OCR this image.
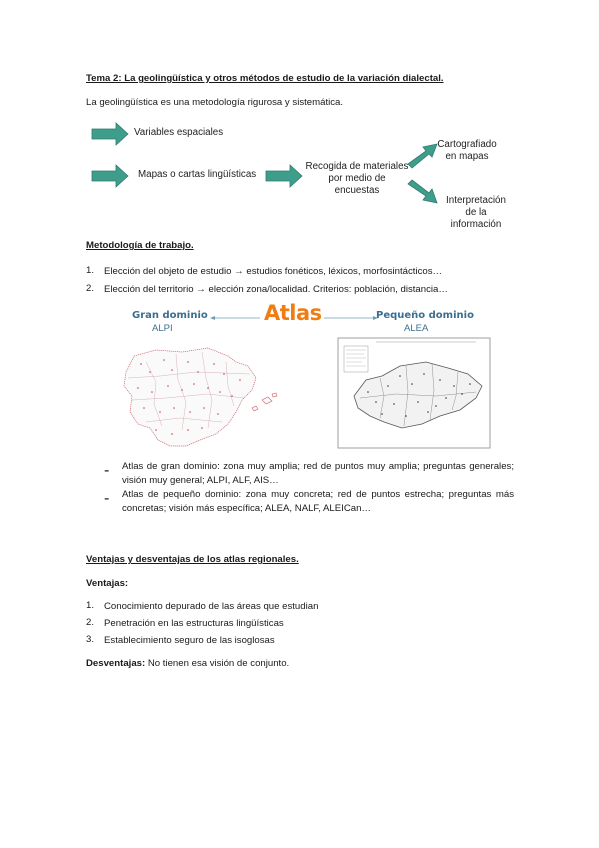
Tema 2: La geolingüística y otros métodos de estudio de la variación dialectal.
La geolingüística es una metodología rigurosa y sistemática.
Variables espaciales
Mapas o cartas lingüísticas
Recogida de materiales
por medio de
encuestas
Cartografiado
en mapas
Interpretación
de la
información
Metodología de trabajo.
1. Elección del objeto de estudio → estudios fonéticos, léxicos, morfosintácticos…
2. Elección del territorio → elección zona/localidad. Criterios: población, distancia…
Gran dominio
ALPI
Atlas	Pequeño dominio
ALEA
- Atlas de gran dominio: zona muy amplia; red de puntos muy amplia; preguntas generales; visión muy general; ALPI, ALF, AIS…
- Atlas de pequeño dominio: zona muy concreta; red de puntos estrecha; preguntas más concretas; visión más específica; ALEA, NALF, ALEICan…
Ventajas y desventajas de los atlas regionales.
Ventajas:
1. Conocimiento depurado de las áreas que estudian
2. Penetración en las estructuras lingüísticas
3. Establecimiento seguro de las isoglosas
Desventajas: No tienen esa visión de conjunto.
